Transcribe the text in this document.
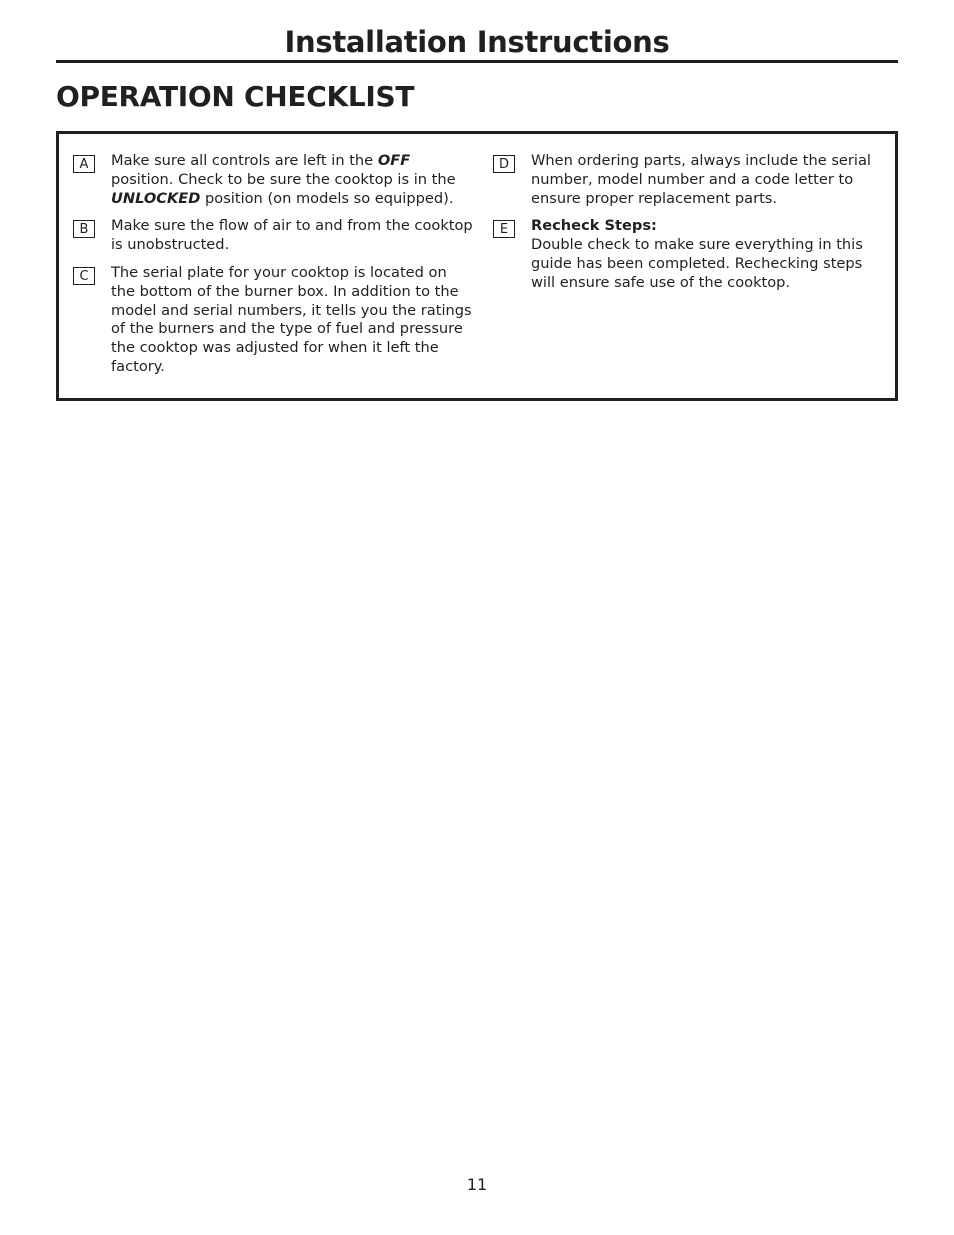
Installation Instructions
OPERATION CHECKLIST
A	Make sure all controls are left in the OFF position. Check to be sure the cooktop is in the UNLOCKED position (on models so equipped).
B	Make sure the flow of air to and from the cooktop is unobstructed.
C	The serial plate for your cooktop is located on the bottom of the burner box. In addition to the model and serial numbers, it tells you the ratings of the burners and the type of fuel and pressure the cooktop was adjusted for when it left the factory.
D	When ordering parts, always include the serial number, model number and a code letter to ensure proper replacement parts.
E	Recheck Steps:
Double check to make sure everything in this guide has been completed. Rechecking steps will ensure safe use of the cooktop.
11
